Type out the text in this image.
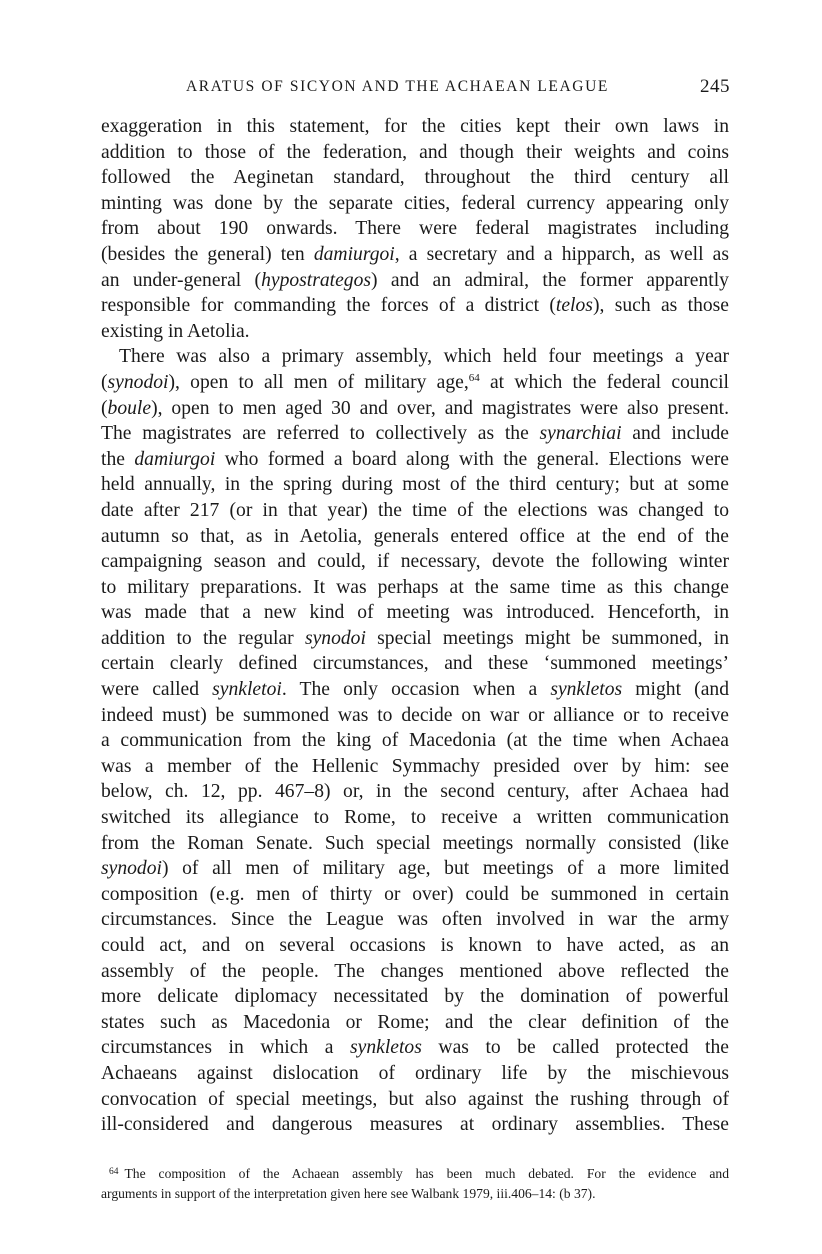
ARATUS OF SICYON AND THE ACHAEAN LEAGUE	245
exaggeration in this statement, for the cities kept their own laws in
addition to those of the federation, and though their weights and coins
followed the Aeginetan standard, throughout the third century all
minting was done by the separate cities, federal currency appearing only
from about 190 onwards. There were federal magistrates including
(besides the general) ten damiurgoi, a secretary and a hipparch, as well as
an under-general (hypostrategos) and an admiral, the former apparently
responsible for commanding the forces of a district (telos), such as those
existing in Aetolia.
There was also a primary assembly, which held four meetings a year
(synodoi), open to all men of military age,$^{64}$ at which the federal council
(boule), open to men aged 30 and over, and magistrates were also present.
The magistrates are referred to collectively as the synarchiai and include
the damiurgoi who formed a board along with the general. Elections were
held annually, in the spring during most of the third century; but at some
date after 217 (or in that year) the time of the elections was changed to
autumn so that, as in Aetolia, generals entered office at the end of the
campaigning season and could, if necessary, devote the following winter
to military preparations. It was perhaps at the same time as this change
was made that a new kind of meeting was introduced. Henceforth, in
addition to the regular synodoi special meetings might be summoned, in
certain clearly defined circumstances, and these ‘summoned meetings’
were called synkletoi. The only occasion when a synkletos might (and
indeed must) be summoned was to decide on war or alliance or to receive
a communication from the king of Macedonia (at the time when Achaea
was a member of the Hellenic Symmachy presided over by him: see
below, ch. 12, pp. 467–8) or, in the second century, after Achaea had
switched its allegiance to Rome, to receive a written communication
from the Roman Senate. Such special meetings normally consisted (like
synodoi) of all men of military age, but meetings of a more limited
composition (e.g. men of thirty or over) could be summoned in certain
circumstances. Since the League was often involved in war the army
could act, and on several occasions is known to have acted, as an
assembly of the people. The changes mentioned above reflected the
more delicate diplomacy necessitated by the domination of powerful
states such as Macedonia or Rome; and the clear definition of the
circumstances in which a synkletos was to be called protected the
Achaeans against dislocation of ordinary life by the mischievous
convocation of special meetings, but also against the rushing through of
ill-considered and dangerous measures at ordinary assemblies. These
$^{64}$ The composition of the Achaean assembly has been much debated. For the evidence and
arguments in support of the interpretation given here see Walbank 1979, iii.406–14: (b 37).
